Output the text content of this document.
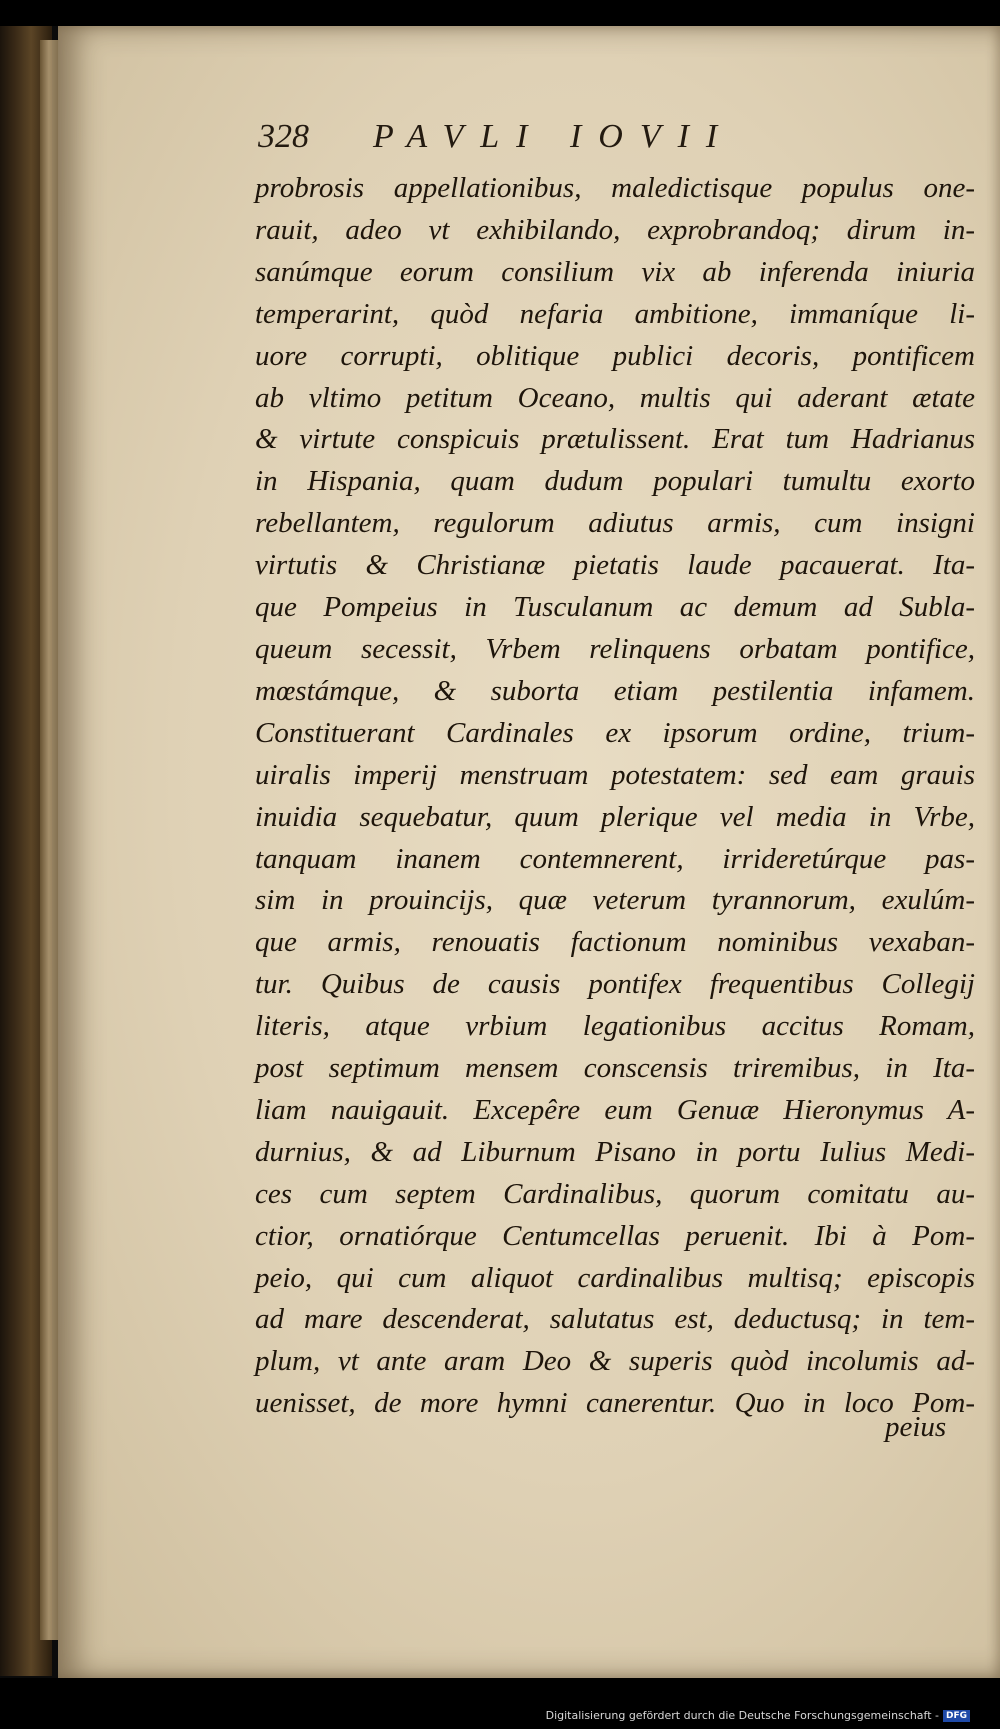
328 PAVLI IOVII
probrosis appellationibus, maledictisque populus one-
rauit, adeo vt exhibilando, exprobrandoq; dirum in-
sanúmque eorum consilium vix ab inferenda iniuria
temperarint, quòd nefaria ambitione, immaníque li-
uore corrupti, oblitique publici decoris, pontificem
ab vltimo petitum Oceano, multis qui aderant ætate
& virtute conspicuis prætulissent. Erat tum Hadrianus
in Hispania, quam dudum populari tumultu exorto
rebellantem, regulorum adiutus armis, cum insigni
virtutis & Christianæ pietatis laude pacauerat. Ita-
que Pompeius in Tusculanum ac demum ad Subla-
queum secessit, Vrbem relinquens orbatam pontifice,
mœstámque, & suborta etiam pestilentia infamem.
Constituerant Cardinales ex ipsorum ordine, trium-
uiralis imperij menstruam potestatem: sed eam grauis
inuidia sequebatur, quum plerique vel media in Vrbe,
tanquam inanem contemnerent, irrideretúrque pas-
sim in prouincijs, quæ veterum tyrannorum, exulúm-
que armis, renouatis factionum nominibus vexaban-
tur. Quibus de causis pontifex frequentibus Collegij
literis, atque vrbium legationibus accitus Romam,
post septimum mensem conscensis triremibus, in Ita-
liam nauigauit. Excepêre eum Genuæ Hieronymus A-
durnius, & ad Liburnum Pisano in portu Iulius Medi-
ces cum septem Cardinalibus, quorum comitatu au-
ctior, ornatiórque Centumcellas peruenit. Ibi à Pom-
peio, qui cum aliquot cardinalibus multisq; episcopis
ad mare descenderat, salutatus est, deductusq; in tem-
plum, vt ante aram Deo & superis quòd incolumis ad-
uenisset, de more hymni canerentur. Quo in loco Pom-
peius
Digitalisierung gefördert durch die Deutsche Forschungsgemeinschaft - DFG
